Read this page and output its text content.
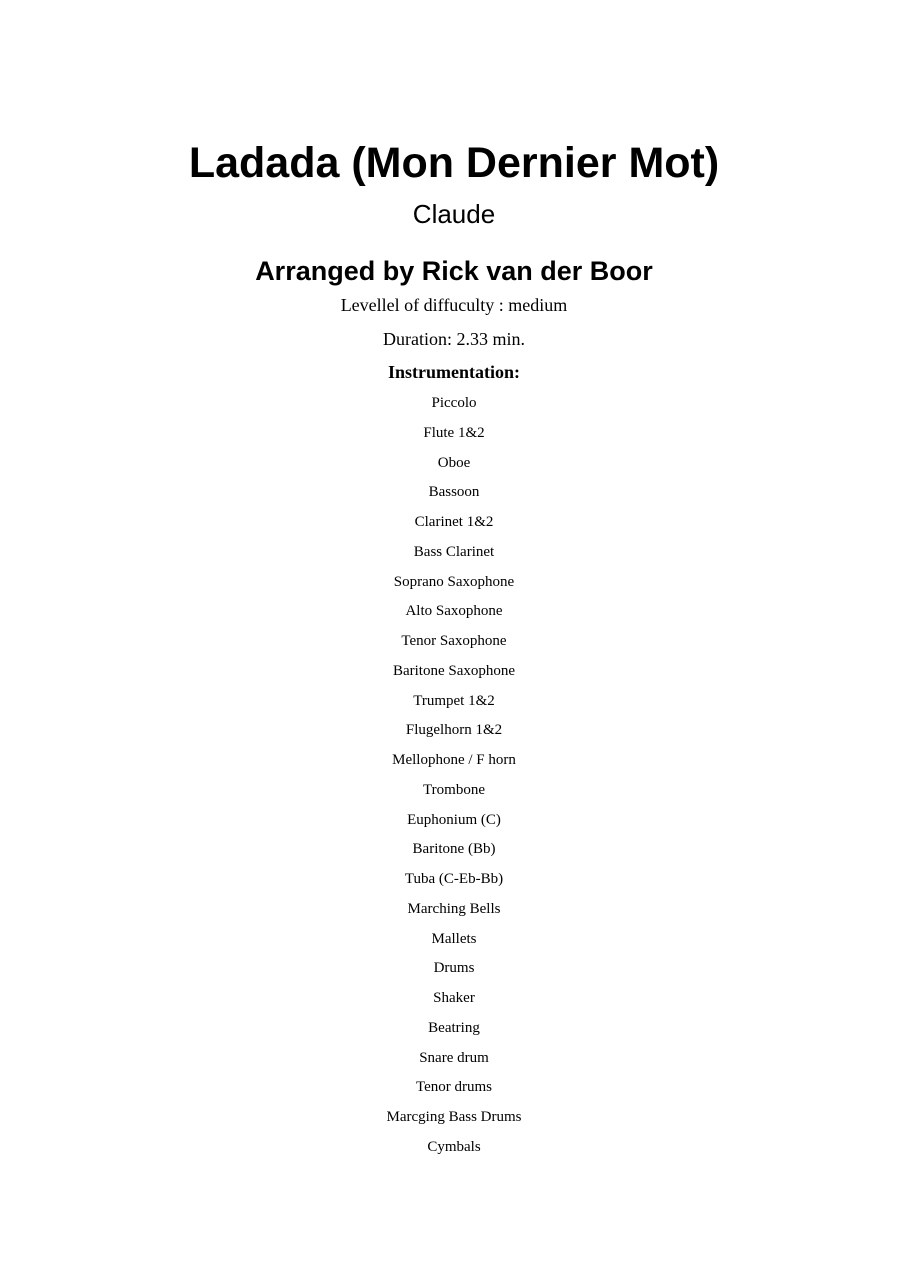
Ladada (Mon Dernier Mot)
Claude
Arranged by Rick van der Boor
Levellel of diffuculty : medium
Duration: 2.33 min.
Instrumentation:
Piccolo
Flute 1&2
Oboe
Bassoon
Clarinet 1&2
Bass Clarinet
Soprano Saxophone
Alto Saxophone
Tenor Saxophone
Baritone Saxophone
Trumpet 1&2
Flugelhorn 1&2
Mellophone / F horn
Trombone
Euphonium (C)
Baritone (Bb)
Tuba (C-Eb-Bb)
Marching Bells
Mallets
Drums
Shaker
Beatring
Snare drum
Tenor drums
Marcging Bass Drums
Cymbals
